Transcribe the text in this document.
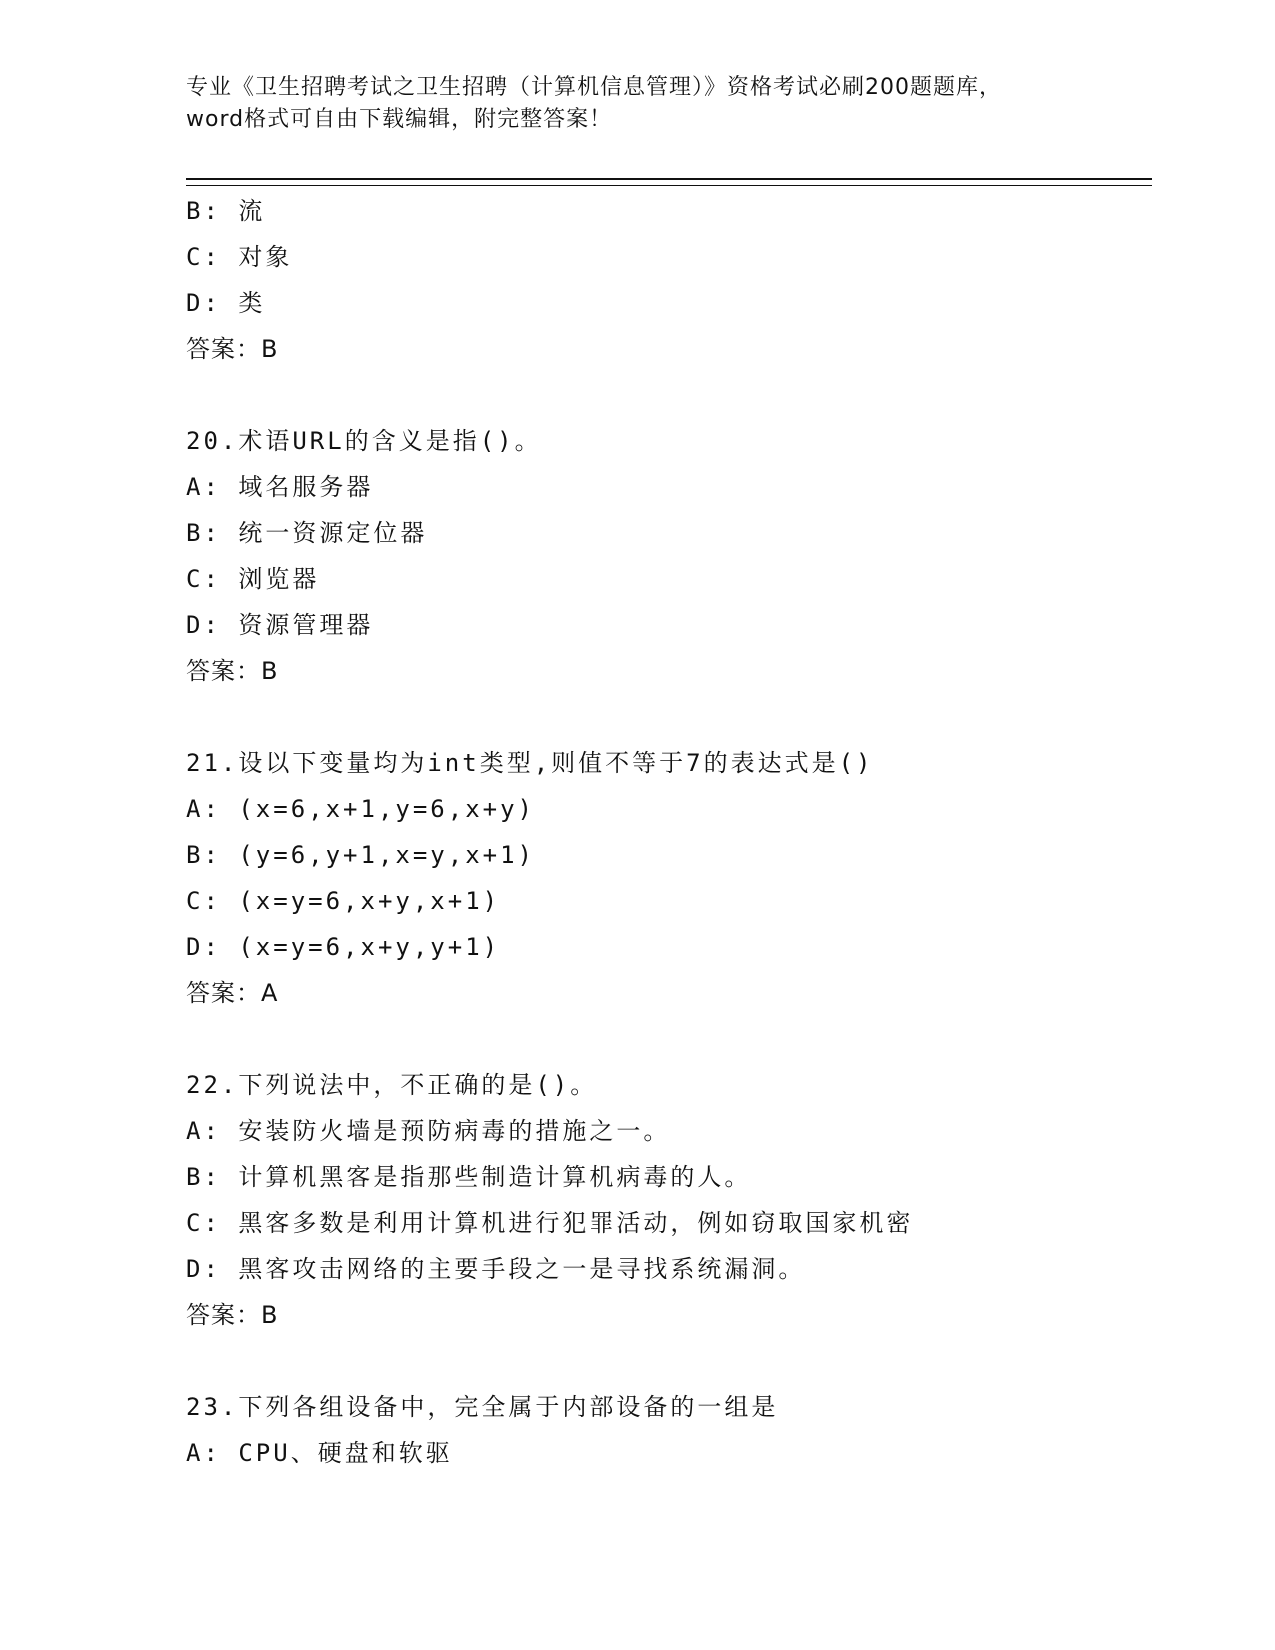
专业《卫生招聘考试之卫生招聘（计算机信息管理）》资格考试必刷200题题库，
word格式可自由下载编辑，附完整答案！
B: 流
C: 对象
D: 类
答案：B
20.术语URL的含义是指()。
A: 域名服务器
B: 统一资源定位器
C: 浏览器
D: 资源管理器
答案：B
21.设以下变量均为int类型,则值不等于7的表达式是()
A: (x=6,x+1,y=6,x+y)
B: (y=6,y+1,x=y,x+1)
C: (x=y=6,x+y,x+1)
D: (x=y=6,x+y,y+1)
答案：A
22.下列说法中，不正确的是()。
A: 安装防火墙是预防病毒的措施之一。
B: 计算机黑客是指那些制造计算机病毒的人。
C: 黑客多数是利用计算机进行犯罪活动，例如窃取国家机密
D: 黑客攻击网络的主要手段之一是寻找系统漏洞。
答案：B
23.下列各组设备中，完全属于内部设备的一组是
A: CPU、硬盘和软驱
